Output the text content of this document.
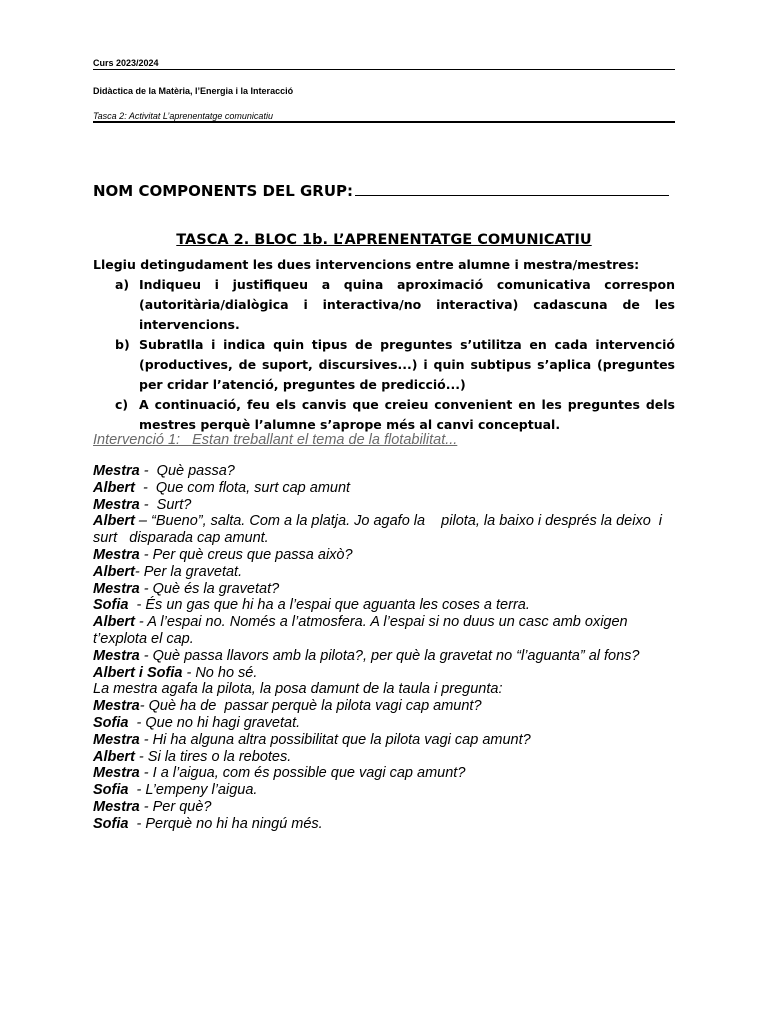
Curs 2023/2024
Didàctica de la Matèria, l’Energia i la Interacció
Tasca 2: Activitat L’aprenentatge comunicatiu
NOM COMPONENTS DEL GRUP:
TASCA 2. BLOC 1b. L’APRENENTATGE COMUNICATIU

Llegiu detingudament les dues intervencions entre alumne i mestra/mestres:

a) Indiqueu i justifiqueu a quina aproximació comunicativa correspon (autoritària/dialògica i interactiva/no interactiva) cadascuna de les intervencions.
b) Subratlla i indica quin tipus de preguntes s’utilitza en cada intervenció (productives, de suport, discursives...) i quin subtipus s’aplica (preguntes per cridar l’atenció, preguntes de predicció...)
c) A continuació, feu els canvis que creieu convenient en les preguntes dels mestres perquè l’alumne s’aprope més al canvi conceptual.
Intervenció 1:   Estan treballant el tema de la flotabilitat...
Mestra -  Què passa?
Albert  -  Que com flota, surt cap amunt
Mestra -  Surt?
Albert – “Bueno”, salta. Com a la platja. Jo agafo la    pilota, la baixo i després la deixo  i surt   disparada cap amunt.
Mestra - Per què creus que passa això?
Albert- Per la gravetat.
Mestra - Què és la gravetat?
Sofia  - És un gas que hi ha a l’espai que aguanta les coses a terra.
Albert - A l’espai no. Només a l’atmosfera. A l’espai si no duus un casc amb oxigen t’explota el cap.
Mestra - Què passa llavors amb la pilota?, per què la gravetat no “l’aguanta” al fons? Albert i Sofia - No ho sé.
La mestra agafa la pilota, la posa damunt de la taula i pregunta:
Mestra- Què ha de  passar perquè la pilota vagi cap amunt?
Sofia  - Que no hi hagi gravetat.
Mestra - Hi ha alguna altra possibilitat que la pilota vagi cap amunt?
Albert - Si la tires o la rebotes.
Mestra - I a l’aigua, com és possible que vagi cap amunt?
Sofia  - L’empeny l’aigua.
Mestra - Per què?
Sofia  - Perquè no hi ha ningú més.
